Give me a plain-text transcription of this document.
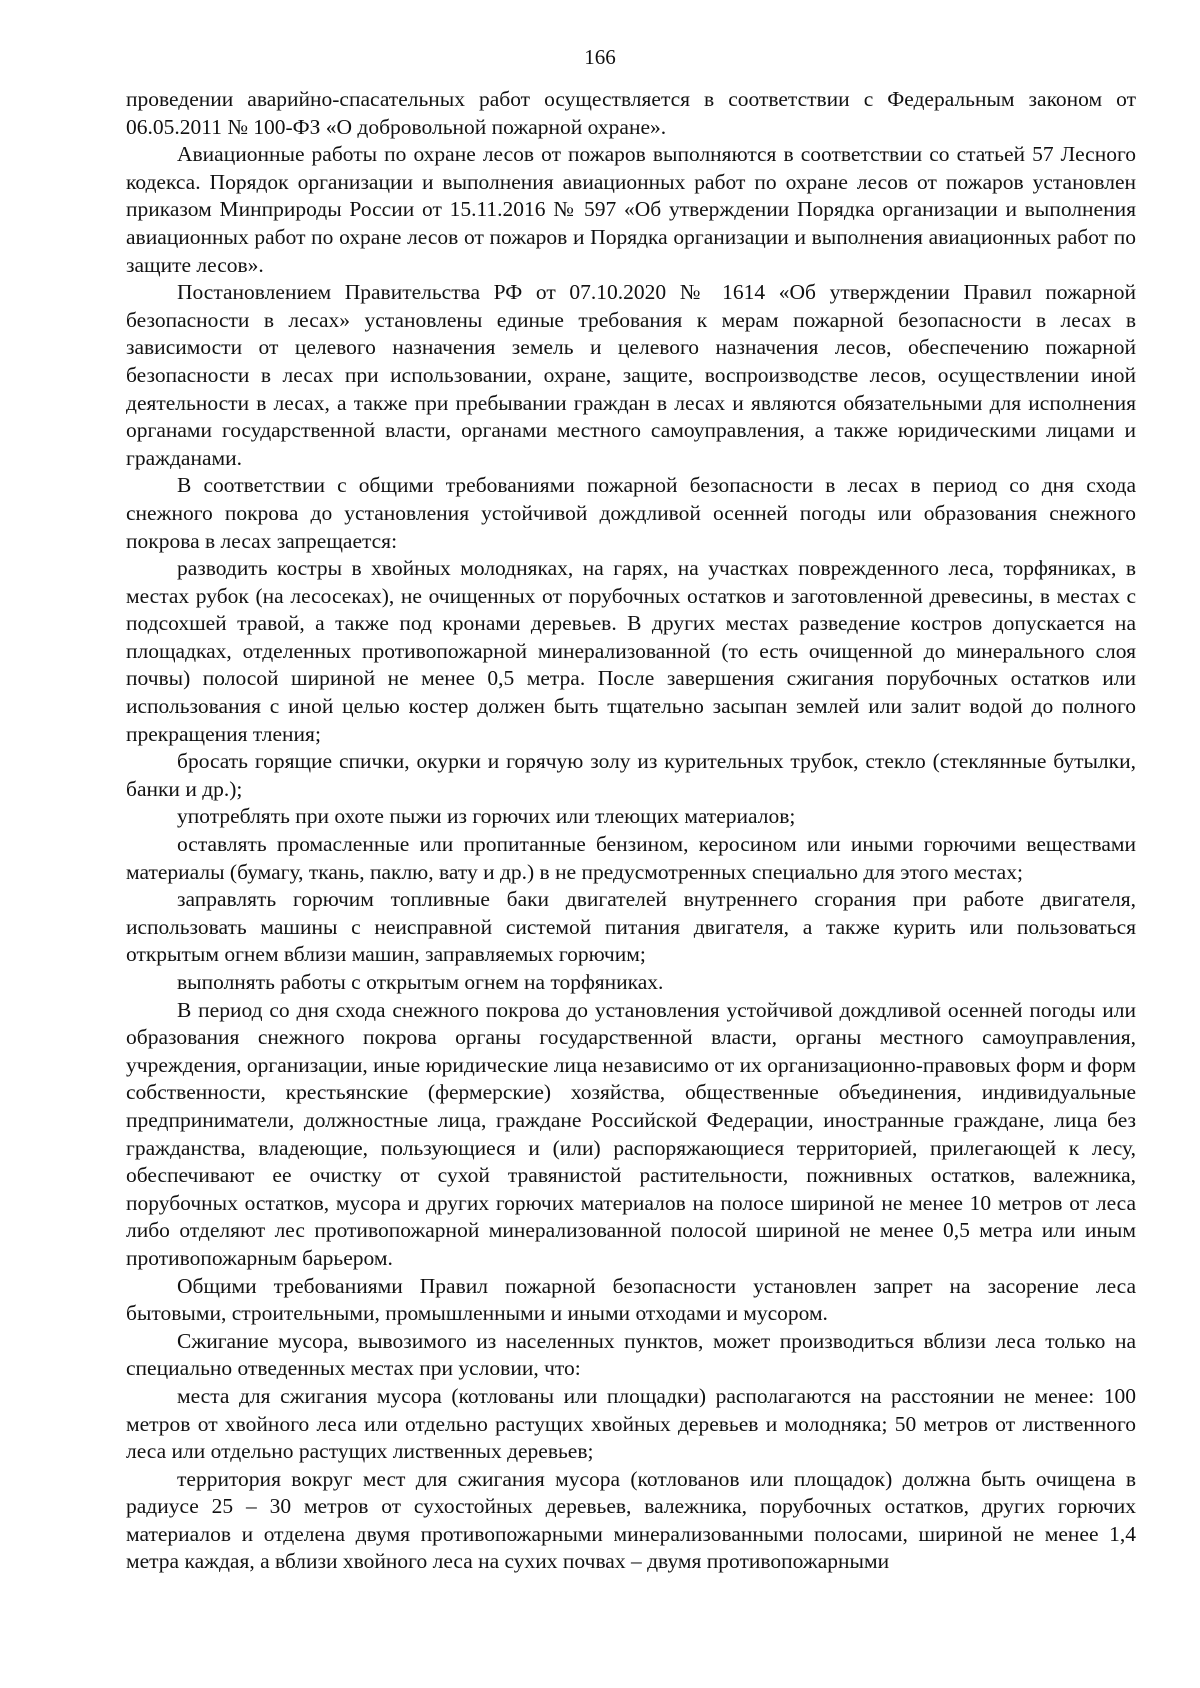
166

проведении аварийно-спасательных работ осуществляется в соответствии с Федеральным законом от 06.05.2011 № 100-ФЗ «О добровольной пожарной охране».

Авиационные работы по охране лесов от пожаров выполняются в соответствии со статьей 57 Лесного кодекса. Порядок организации и выполнения авиационных работ по охране лесов от пожаров установлен приказом Минприроды России от 15.11.2016 № 597 «Об утверждении Порядка организации и выполнения авиационных работ по охране лесов от пожаров и Порядка организации и выполнения авиационных работ по защите лесов».

Постановлением Правительства РФ от 07.10.2020 № 1614 «Об утверждении Правил пожарной безопасности в лесах» установлены единые требования к мерам пожарной безопасности в лесах в зависимости от целевого назначения земель и целевого назначения лесов, обеспечению пожарной безопасности в лесах при использовании, охране, защите, воспроизводстве лесов, осуществлении иной деятельности в лесах, а также при пребывании граждан в лесах и являются обязательными для исполнения органами государственной власти, органами местного самоуправления, а также юридическими лицами и гражданами.

В соответствии с общими требованиями пожарной безопасности в лесах в период со дня схода снежного покрова до установления устойчивой дождливой осенней погоды или образования снежного покрова в лесах запрещается:

разводить костры в хвойных молодняках, на гарях, на участках поврежденного леса, торфяниках, в местах рубок (на лесосеках), не очищенных от порубочных остатков и заготовленной древесины, в местах с подсохшей травой, а также под кронами деревьев. В других местах разведение костров допускается на площадках, отделенных противопожарной минерализованной (то есть очищенной до минерального слоя почвы) полосой шириной не менее 0,5 метра. После завершения сжигания порубочных остатков или использования с иной целью костер должен быть тщательно засыпан землей или залит водой до полного прекращения тления;

бросать горящие спички, окурки и горячую золу из курительных трубок, стекло (стеклянные бутылки, банки и др.);

употреблять при охоте пыжи из горючих или тлеющих материалов;

оставлять промасленные или пропитанные бензином, керосином или иными горючими веществами материалы (бумагу, ткань, паклю, вату и др.) в не предусмотренных специально для этого местах;

заправлять горючим топливные баки двигателей внутреннего сгорания при работе двигателя, использовать машины с неисправной системой питания двигателя, а также курить или пользоваться открытым огнем вблизи машин, заправляемых горючим;

выполнять работы с открытым огнем на торфяниках.

В период со дня схода снежного покрова до установления устойчивой дождливой осенней погоды или образования снежного покрова органы государственной власти, органы местного самоуправления, учреждения, организации, иные юридические лица независимо от их организационно-правовых форм и форм собственности, крестьянские (фермерские) хозяйства, общественные объединения, индивидуальные предприниматели, должностные лица, граждане Российской Федерации, иностранные граждане, лица без гражданства, владеющие, пользующиеся и (или) распоряжающиеся территорией, прилегающей к лесу, обеспечивают ее очистку от сухой травянистой растительности, пожнивных остатков, валежника, порубочных остатков, мусора и других горючих материалов на полосе шириной не менее 10 метров от леса либо отделяют лес противопожарной минерализованной полосой шириной не менее 0,5 метра или иным противопожарным барьером.

Общими требованиями Правил пожарной безопасности установлен запрет на засорение леса бытовыми, строительными, промышленными и иными отходами и мусором.

Сжигание мусора, вывозимого из населенных пунктов, может производиться вблизи леса только на специально отведенных местах при условии, что:

места для сжигания мусора (котлованы или площадки) располагаются на расстоянии не менее: 100 метров от хвойного леса или отдельно растущих хвойных деревьев и молодняка; 50 метров от лиственного леса или отдельно растущих лиственных деревьев;

территория вокруг мест для сжигания мусора (котлованов или площадок) должна быть очищена в радиусе 25 – 30 метров от сухостойных деревьев, валежника, порубочных остатков, других горючих материалов и отделена двумя противопожарными минерализованными полосами, шириной не менее 1,4 метра каждая, а вблизи хвойного леса на сухих почвах – двумя противопожарными
